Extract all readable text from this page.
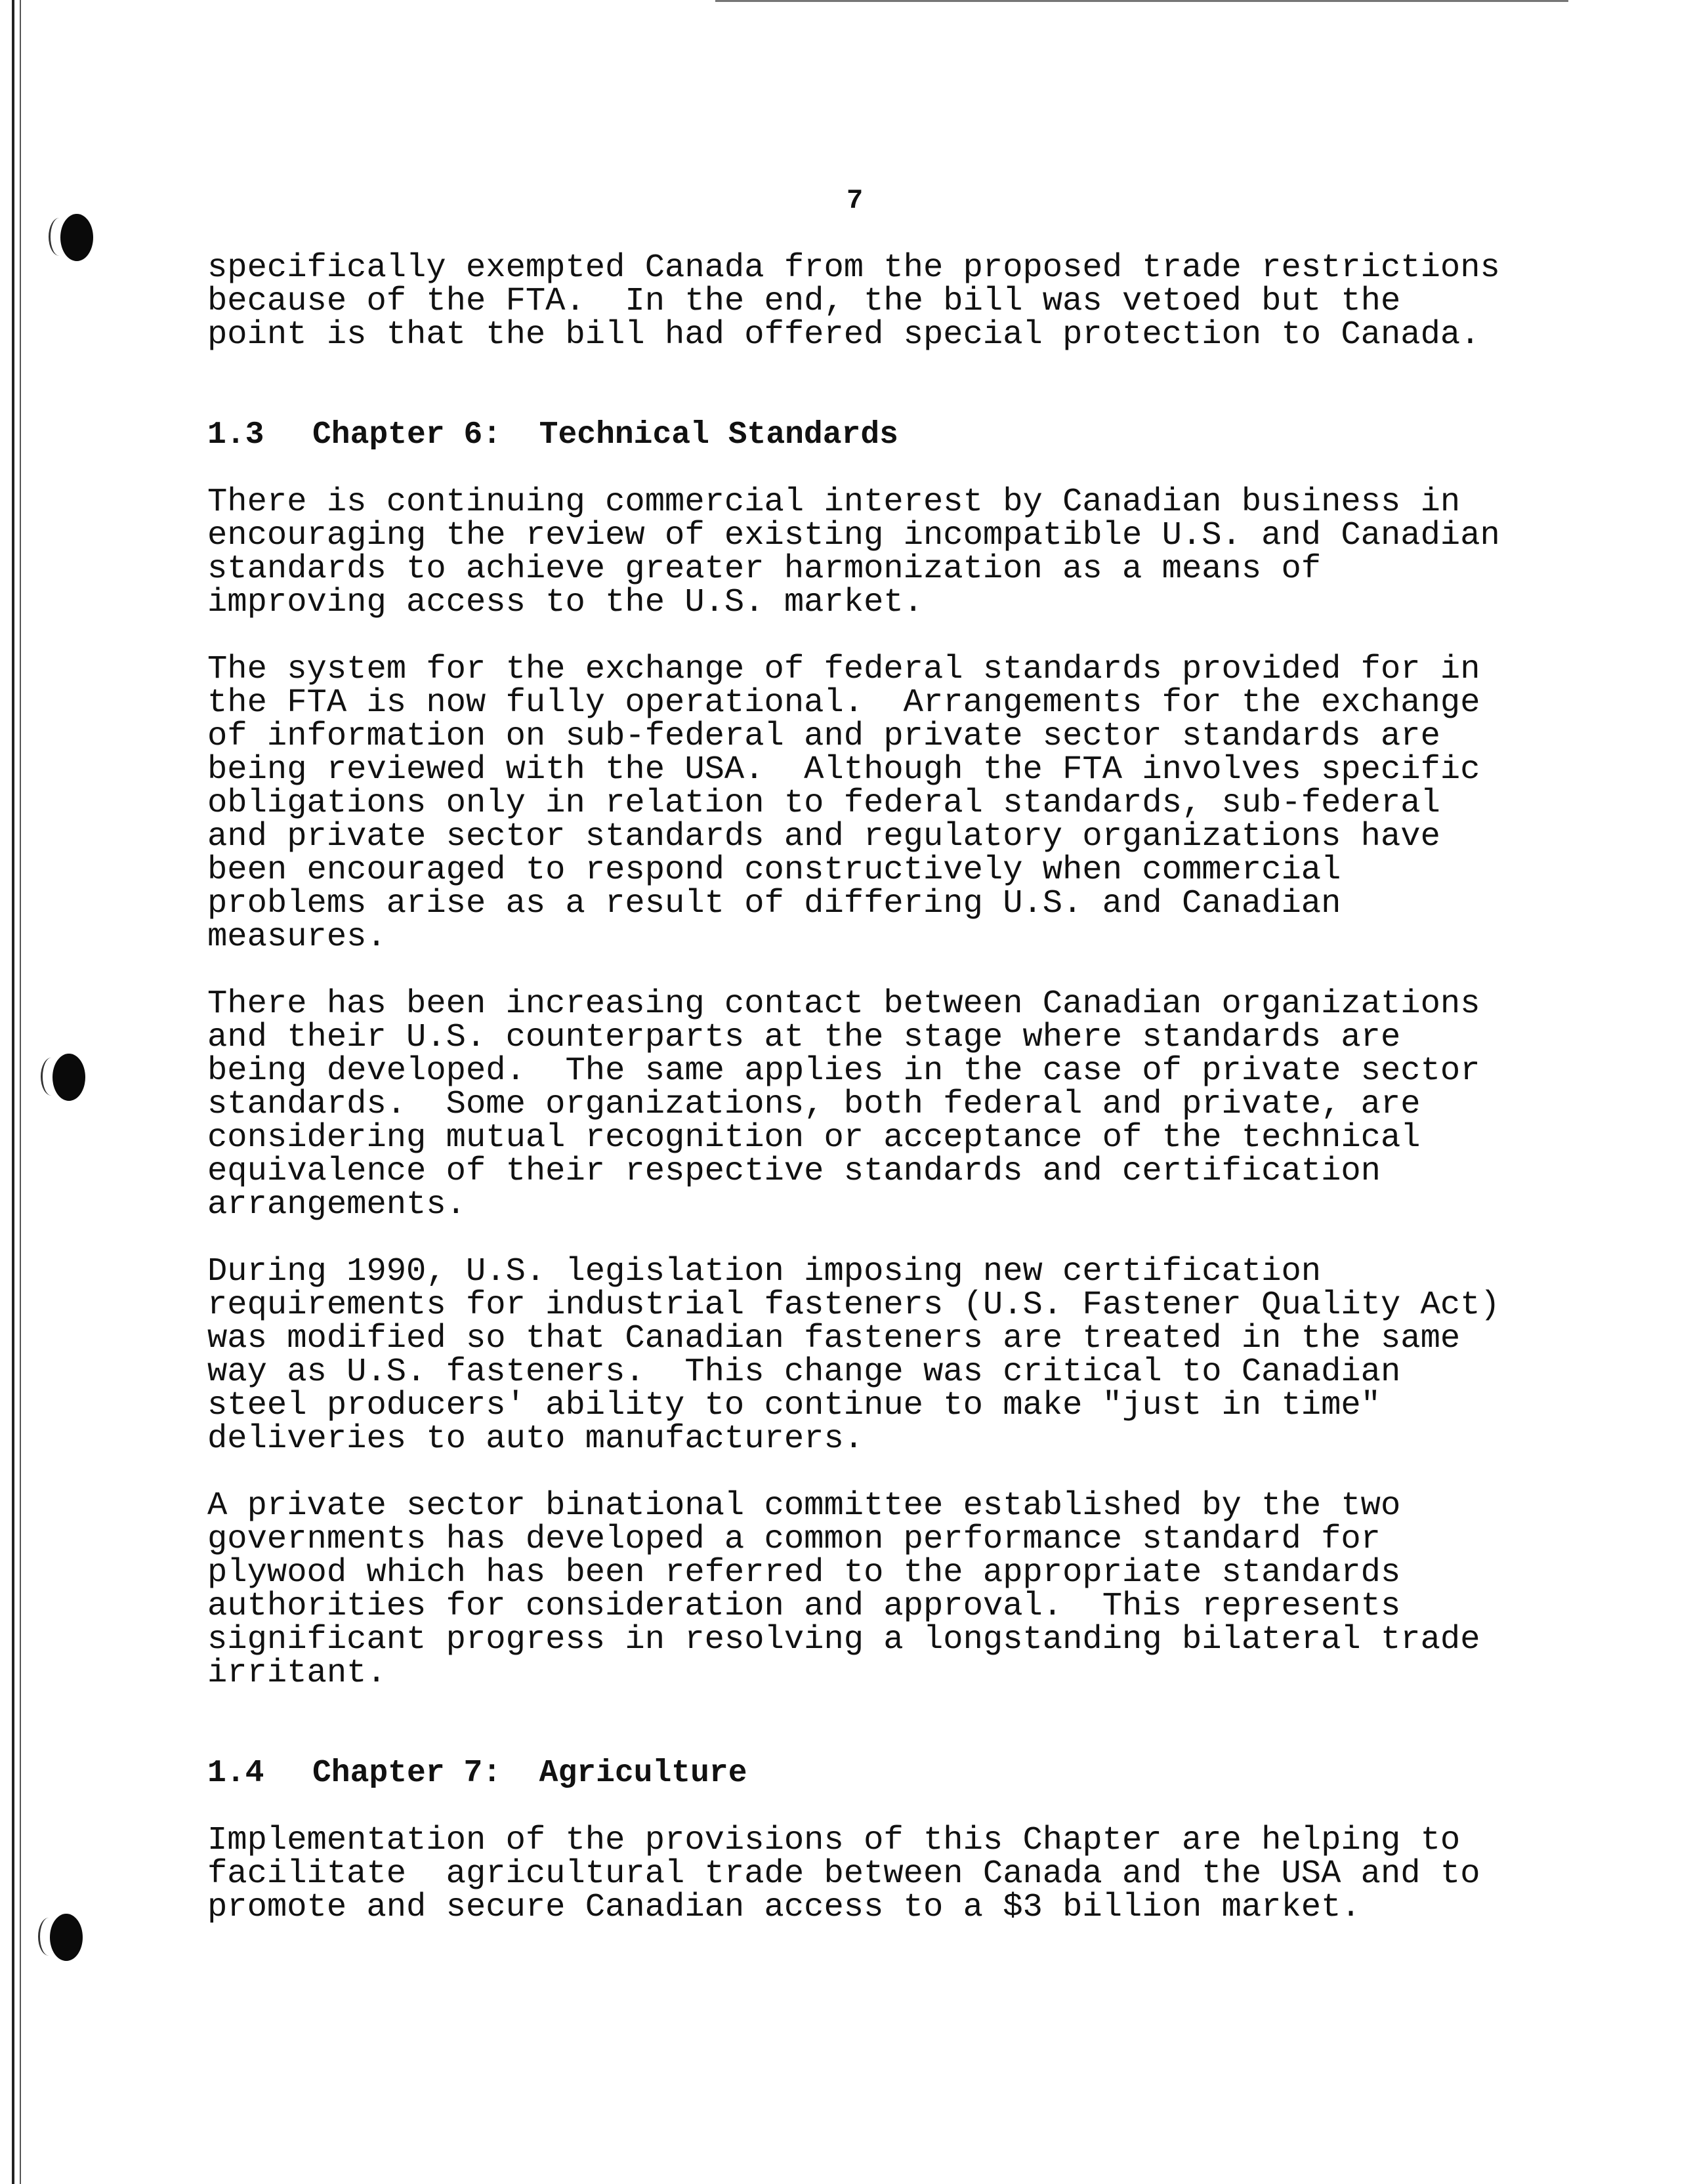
7

specifically exempted Canada from the proposed trade restrictions
because of the FTA.  In the end, the bill was vetoed but the
point is that the bill had offered special protection to Canada.

1.3 Chapter 6:  Technical Standards

There is continuing commercial interest by Canadian business in
encouraging the review of existing incompatible U.S. and Canadian
standards to achieve greater harmonization as a means of
improving access to the U.S. market.

The system for the exchange of federal standards provided for in
the FTA is now fully operational.  Arrangements for the exchange
of information on sub-federal and private sector standards are
being reviewed with the USA.  Although the FTA involves specific
obligations only in relation to federal standards, sub-federal
and private sector standards and regulatory organizations have
been encouraged to respond constructively when commercial
problems arise as a result of differing U.S. and Canadian
measures.

There has been increasing contact between Canadian organizations
and their U.S. counterparts at the stage where standards are
being developed.  The same applies in the case of private sector
standards.  Some organizations, both federal and private, are
considering mutual recognition or acceptance of the technical
equivalence of their respective standards and certification
arrangements.

During 1990, U.S. legislation imposing new certification
requirements for industrial fasteners (U.S. Fastener Quality Act)
was modified so that Canadian fasteners are treated in the same
way as U.S. fasteners.  This change was critical to Canadian
steel producers' ability to continue to make "just in time"
deliveries to auto manufacturers.

A private sector binational committee established by the two
governments has developed a common performance standard for
plywood which has been referred to the appropriate standards
authorities for consideration and approval.  This represents
significant progress in resolving a longstanding bilateral trade
irritant.

1.4 Chapter 7:  Agriculture

Implementation of the provisions of this Chapter are helping to
facilitate  agricultural trade between Canada and the USA and to
promote and secure Canadian access to a $3 billion market.
